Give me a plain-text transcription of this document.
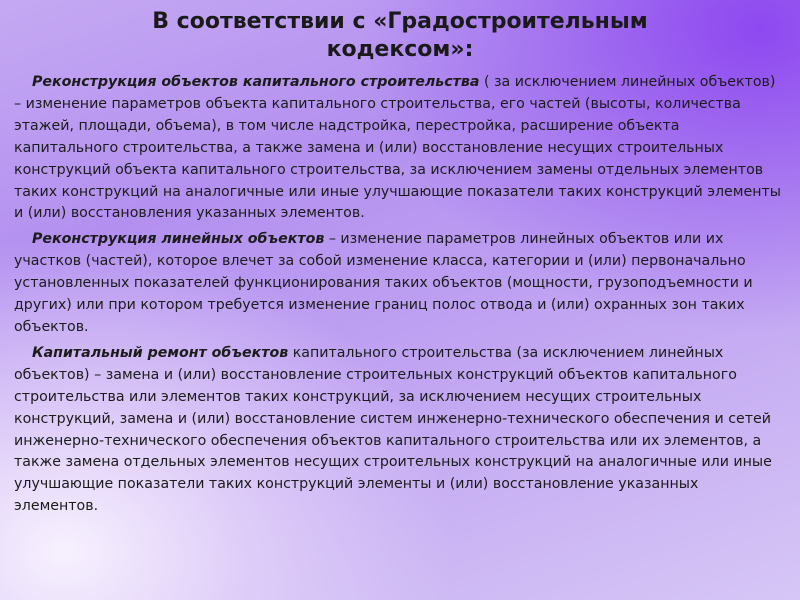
В соответствии с «Градостроительным
кодексом»:

Реконструкция объектов капитального строительства ( за исключением линейных объектов) – изменение параметров объекта капитального строительства, его частей (высоты, количества этажей, площади, объема), в том числе надстройка, перестройка, расширение объекта капитального строительства, а также замена и (или) восстановление несущих строительных конструкций объекта капитального строительства, за исключением замены отдельных элементов таких конструкций на аналогичные или иные улучшающие показатели таких конструкций элементы и (или) восстановления указанных элементов.

Реконструкция линейных объектов – изменение параметров линейных объектов или их участков (частей), которое влечет за собой изменение класса, категории и (или) первоначально установленных показателей функционирования таких объектов (мощности, грузоподъемности и других) или при котором требуется изменение границ полос отвода и (или) охранных зон таких объектов.

Капитальный ремонт объектов капитального строительства (за исключением линейных объектов) – замена и (или) восстановление строительных конструкций объектов капитального строительства или элементов таких конструкций, за исключением несущих строительных конструкций, замена и (или) восстановление систем инженерно-технического обеспечения и сетей инженерно-технического обеспечения объектов капитального строительства или их элементов, а также замена отдельных элементов несущих строительных конструкций на аналогичные или иные улучшающие показатели таких конструкций элементы и (или) восстановление указанных элементов.
